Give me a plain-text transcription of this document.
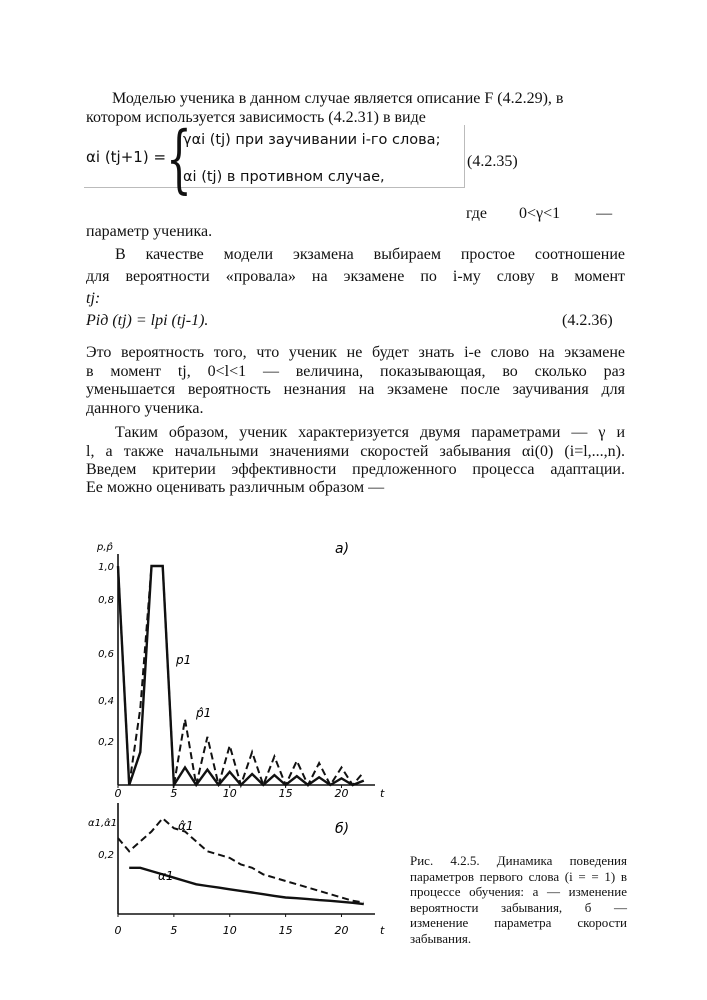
Моделью ученика в данном случае является описание F (4.2.29), в

котором используется зависимость (4.2.31) в виде

αi (tj+1) = {
γαi (tj) при заучивании i-го слова;
αi (tj) в противном случае,

(4.2.35)

где        0<γ<1         —

параметр ученика.

В качестве модели экзамена выбираем простое соотношение

для вероятности «провала» на экзамене по i-му слову в момент

tj:

Piд (tj) = lpi (tj-1).	(4.2.36)

Это вероятность того, что ученик не будет знать i-е слово на экзамене

в момент tj, 0<l<1 — величина, показывающая, во сколько раз

уменьшается вероятность незнания на экзамене после заучивания для

данного ученика.

Таким образом, ученик характеризуется двумя параметрами — γ и

l, а также начальными значениями скоростей забывания αi(0) (i=l,...,n).

Введем критерии эффективности предложенного процесса адаптации.

Ее можно оценивать различным образом —

а)
p,p̂
t
0	5	10	15	20
1,0
0,8
0,6
0,4
0,2
p1
p̂1
б)
α1,α̂1
t
0	5	10	15	20
0,2
α1
α̂1
Рис. 4.2.5. Динамика поведения параметров первого слова (i = = 1) в процессе обучения: а — изменение вероятности забывания, б — изменение параметра скорости забывания.
